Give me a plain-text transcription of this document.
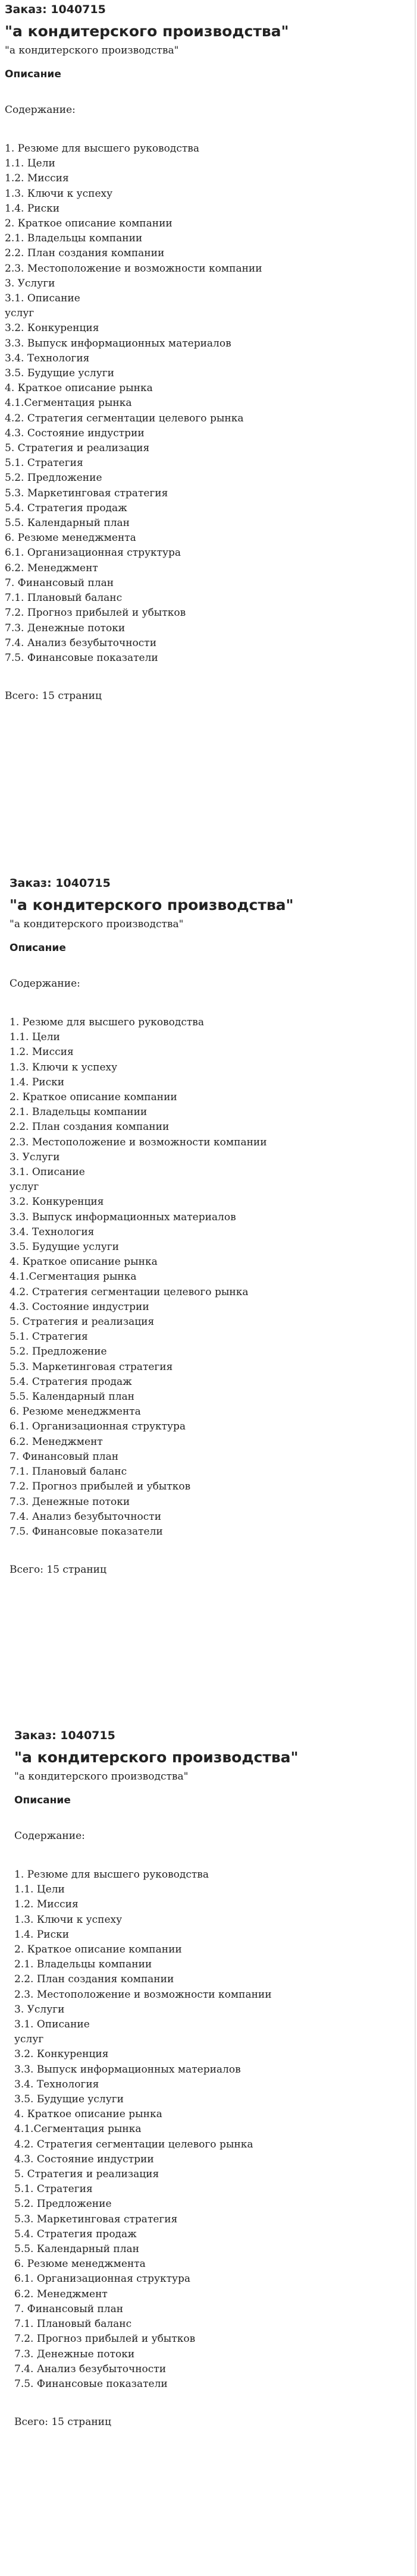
Заказ: 1040715

"а кондитерского производства"

"а кондитерского производства"

Описание

Содержание:

1. Резюме для высшего руководства
1.1. Цели
1.2. Миссия
1.3. Ключи к успеху
1.4. Риски
2. Краткое описание компании
2.1. Владельцы компании
2.2. План создания компании
2.3. Местоположение и возможности компании
3. Услуги
3.1. Описание
услуг
3.2. Конкуренция
3.3. Выпуск информационных материалов
3.4. Технология
3.5. Будущие услуги
4. Краткое описание рынка
4.1.Сегментация рынка
4.2. Стратегия сегментации целевого рынка
4.3. Состояние индустрии
5. Стратегия и реализация
5.1. Стратегия
5.2. Предложение
5.3. Маркетинговая стратегия
5.4. Стратегия продаж
5.5. Календарный план
6. Резюме менеджмента
6.1. Организационная структура
6.2. Менеджмент
7. Финансовый план
7.1. Плановый баланс
7.2. Прогноз прибылей и убытков
7.3. Денежные потоки
7.4. Анализ безубыточности
7.5. Финансовые показатели

Всего: 15 страниц

Заказ: 1040715

"а кондитерского производства"

"а кондитерского производства"

Описание

Содержание:

1. Резюме для высшего руководства
1.1. Цели
1.2. Миссия
1.3. Ключи к успеху
1.4. Риски
2. Краткое описание компании
2.1. Владельцы компании
2.2. План создания компании
2.3. Местоположение и возможности компании
3. Услуги
3.1. Описание
услуг
3.2. Конкуренция
3.3. Выпуск информационных материалов
3.4. Технология
3.5. Будущие услуги
4. Краткое описание рынка
4.1.Сегментация рынка
4.2. Стратегия сегментации целевого рынка
4.3. Состояние индустрии
5. Стратегия и реализация
5.1. Стратегия
5.2. Предложение
5.3. Маркетинговая стратегия
5.4. Стратегия продаж
5.5. Календарный план
6. Резюме менеджмента
6.1. Организационная структура
6.2. Менеджмент
7. Финансовый план
7.1. Плановый баланс
7.2. Прогноз прибылей и убытков
7.3. Денежные потоки
7.4. Анализ безубыточности
7.5. Финансовые показатели

Всего: 15 страниц

Заказ: 1040715

"а кондитерского производства"

"а кондитерского производства"

Описание

Содержание:

1. Резюме для высшего руководства
1.1. Цели
1.2. Миссия
1.3. Ключи к успеху
1.4. Риски
2. Краткое описание компании
2.1. Владельцы компании
2.2. План создания компании
2.3. Местоположение и возможности компании
3. Услуги
3.1. Описание
услуг
3.2. Конкуренция
3.3. Выпуск информационных материалов
3.4. Технология
3.5. Будущие услуги
4. Краткое описание рынка
4.1.Сегментация рынка
4.2. Стратегия сегментации целевого рынка
4.3. Состояние индустрии
5. Стратегия и реализация
5.1. Стратегия
5.2. Предложение
5.3. Маркетинговая стратегия
5.4. Стратегия продаж
5.5. Календарный план
6. Резюме менеджмента
6.1. Организационная структура
6.2. Менеджмент
7. Финансовый план
7.1. Плановый баланс
7.2. Прогноз прибылей и убытков
7.3. Денежные потоки
7.4. Анализ безубыточности
7.5. Финансовые показатели

Всего: 15 страниц
